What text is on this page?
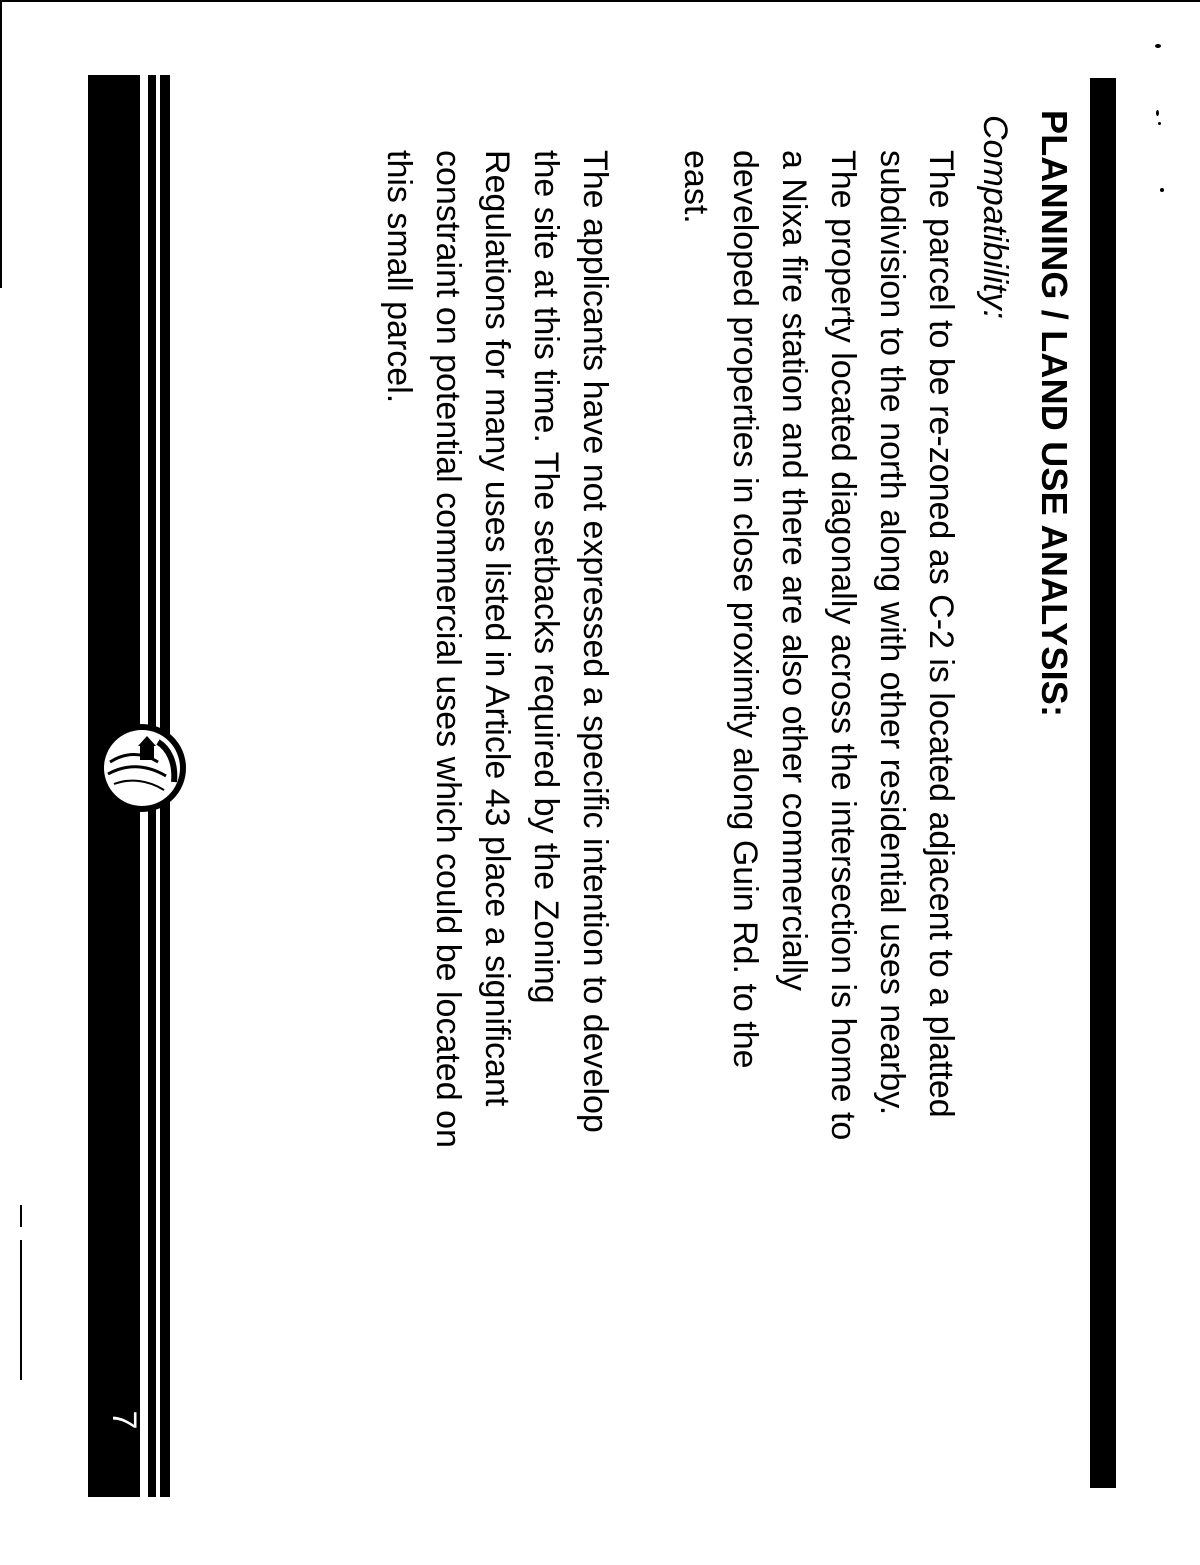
7
PLANNING / LAND USE ANALYSIS:
Compatibility:

The parcel to be re-zoned as C-2 is located adjacent to a platted subdivision to the north along with other residential uses nearby. The property located diagonally across the intersection is home to a Nixa fire station and there are also other commercially developed properties in close proximity along Guin Rd. to the east.

The applicants have not expressed a specific intention to develop the site at this time. The setbacks required by the Zoning Regulations for many uses listed in Article 43 place a significant constraint on potential commercial uses which could be located on this small parcel.
